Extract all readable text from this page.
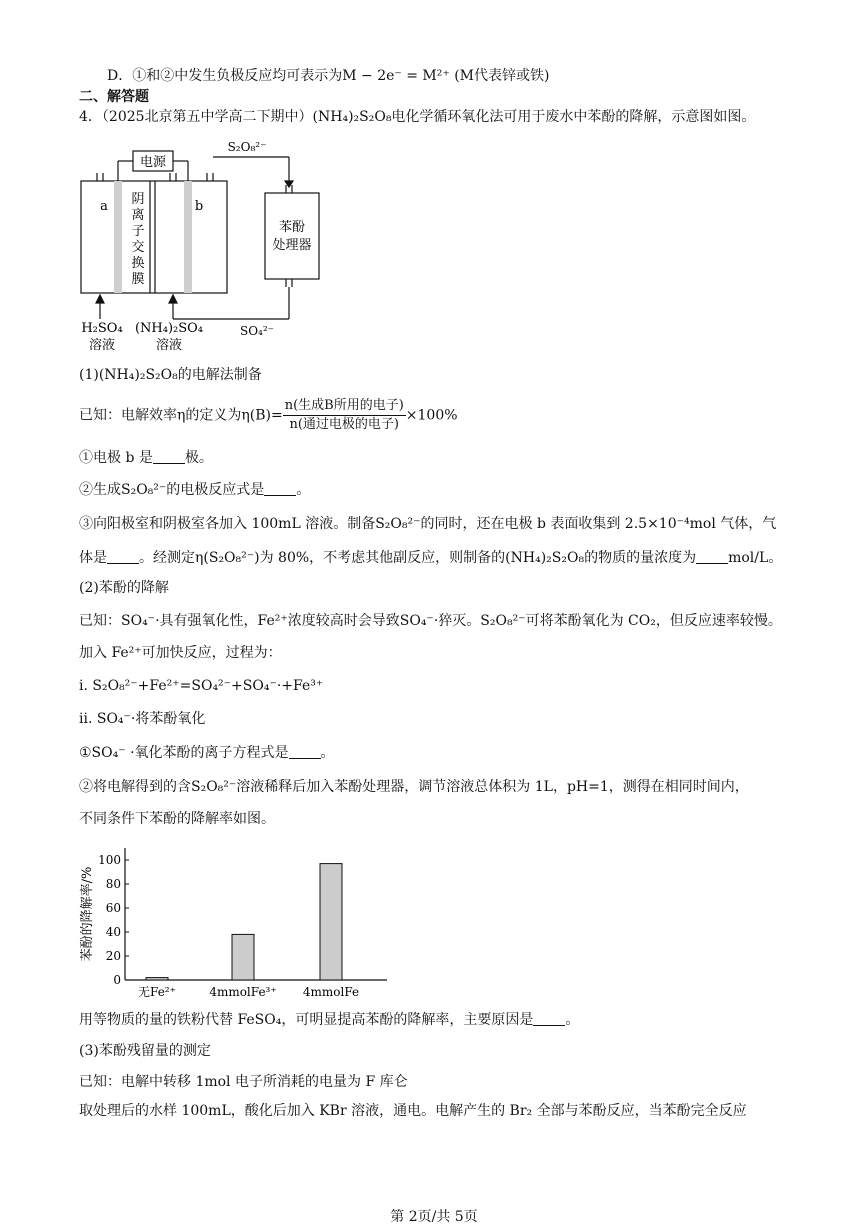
D．①和②中发生负极反应均可表示为M − 2e⁻ = M²⁺ (M代表锌或铁)
二、解答题
4．（2025北京第五中学高二下期中）(NH₄)₂S₂O₈电化学循环氧化法可用于废水中苯酚的降解，示意图如图。
电源
a	b
阴
离
子
交
换
膜
苯酚
处理器
S₂O₈²⁻
SO₄²⁻
H₂SO₄
溶液
(NH₄)₂SO₄
溶液
(1)(NH₄)₂S₂O₈的电解法制备
已知：电解效率η的定义为$\eta(B)= \frac{\text{n(生成B所用的电子)}}{\text{n(通过电极的电子)}} \times 100\%$
①电极 b 是 极。
②生成S₂O₈²⁻的电极反应式是 。
③向阳极室和阴极室各加入 100mL 溶液。制备S₂O₈²⁻的同时，还在电极 b 表面收集到 2.5×10⁻⁴mol 气体，气
体是 。经测定η(S₂O₈²⁻)为 80%，不考虑其他副反应，则制备的(NH₄)₂S₂O₈的物质的量浓度为 mol/L。
(2)苯酚的降解
已知：SO₄⁻·具有强氧化性，Fe²⁺浓度较高时会导致SO₄⁻·猝灭。S₂O₈²⁻可将苯酚氧化为 CO₂，但反应速率较慢。
加入 Fe²⁺可加快反应，过程为：
i. S₂O₈²⁻+Fe²⁺=SO₄²⁻+SO₄⁻·+Fe³⁺
ii. SO₄⁻·将苯酚氧化
①SO₄⁻ ·氧化苯酚的离子方程式是 。
②将电解得到的含S₂O₈²⁻溶液稀释后加入苯酚处理器，调节溶液总体积为 1L，pH=1，测得在相同时间内，
不同条件下苯酚的降解率如图。
苯酚的降解率/%
0
20
40
60
80
100
无Fe²⁺	4mmolFe³⁺ 4mmolFe
用等物质的量的铁粉代替 FeSO₄，可明显提高苯酚的降解率，主要原因是 。
(3)苯酚残留量的测定
已知：电解中转移 1mol 电子所消耗的电量为 F 库仑
取处理后的水样 100mL，酸化后加入 KBr 溶液，通电。电解产生的 Br₂ 全部与苯酚反应，当苯酚完全反应
第 2页/共 5页
